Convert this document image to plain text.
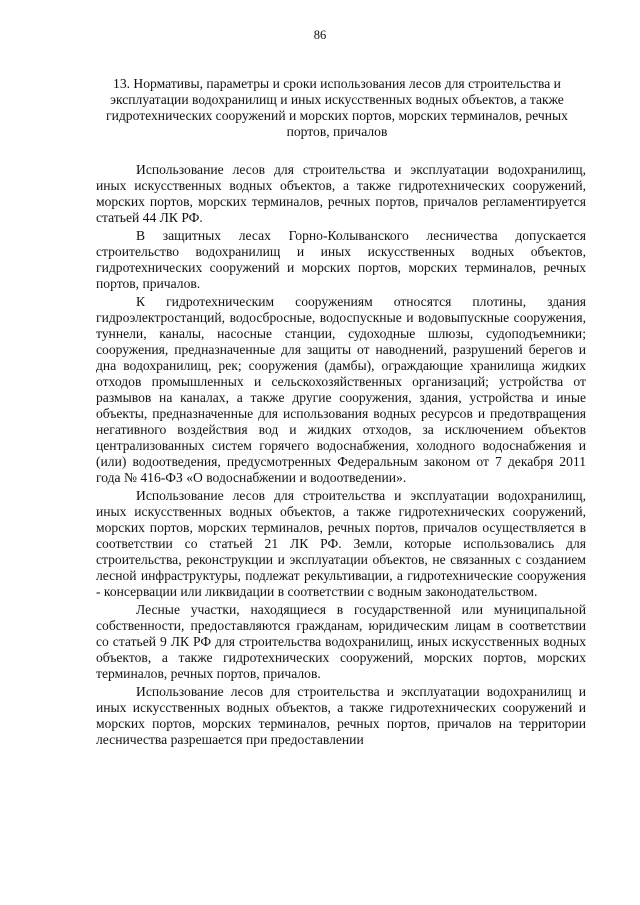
86
13. Нормативы, параметры и сроки использования лесов для строительства и эксплуатации водохранилищ и иных искусственных водных объектов, а также гидротехнических сооружений и морских портов, морских терминалов, речных портов, причалов

Использование лесов для строительства и эксплуатации водохранилищ, иных искусственных водных объектов, а также гидротехнических сооружений, морских портов, морских терминалов, речных портов, причалов регламентируется статьей 44 ЛК РФ.

В защитных лесах Горно-Колыванского лесничества допускается строительство водохранилищ и иных искусственных водных объектов, гидротехнических сооружений и морских портов, морских терминалов, речных портов, причалов.

К гидротехническим сооружениям относятся плотины, здания гидроэлектростанций, водосбросные, водоспускные и водовыпускные сооружения, туннели, каналы, насосные станции, судоходные шлюзы, судоподъемники; сооружения, предназначенные для защиты от наводнений, разрушений берегов и дна водохранилищ, рек; сооружения (дамбы), ограждающие хранилища жидких отходов промышленных и сельскохозяйственных организаций; устройства от размывов на каналах, а также другие сооружения, здания, устройства и иные объекты, предназначенные для использования водных ресурсов и предотвращения негативного воздействия вод и жидких отходов, за исключением объектов централизованных систем горячего водоснабжения, холодного водоснабжения и (или) водоотведения, предусмотренных Федеральным законом от 7 декабря 2011 года № 416-ФЗ «О водоснабжении и водоотведении».

Использование лесов для строительства и эксплуатации водохранилищ, иных искусственных водных объектов, а также гидротехнических сооружений, морских портов, морских терминалов, речных портов, причалов осуществляется в соответствии со статьей 21 ЛК РФ. Земли, которые использовались для строительства, реконструкции и эксплуатации объектов, не связанных с созданием лесной инфраструктуры, подлежат рекультивации, а гидротехнические сооружения - консервации или ликвидации в соответствии с водным законодательством.

Лесные участки, находящиеся в государственной или муниципальной собственности, предоставляются гражданам, юридическим лицам в соответствии со статьей 9 ЛК РФ для строительства водохранилищ, иных искусственных водных объектов, а также гидротехнических сооружений, морских портов, морских терминалов, речных портов, причалов.

Использование лесов для строительства и эксплуатации водохранилищ и иных искусственных водных объектов, а также гидротехнических сооружений и морских портов, морских терминалов, речных портов, причалов на территории лесничества разрешается при предоставлении
